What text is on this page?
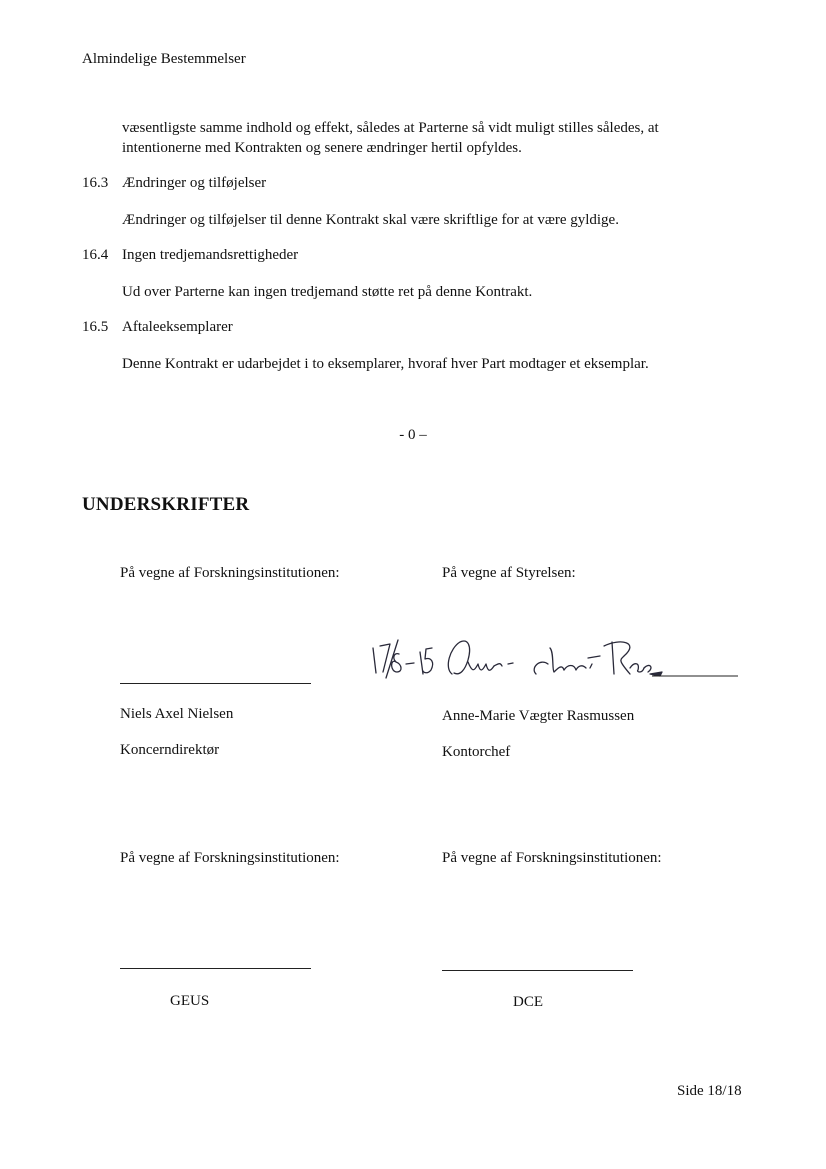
Almindelige Bestemmelser
væsentligste samme indhold og effekt, således at Parterne så vidt muligt stilles således, at
intentionerne med Kontrakten og senere ændringer hertil opfyldes.
16.3 Ændringer og tilføjelser
Ændringer og tilføjelser til denne Kontrakt skal være skriftlige for at være gyldige.
16.4 Ingen tredjemandsrettigheder
Ud over Parterne kan ingen tredjemand støtte ret på denne Kontrakt.
16.5 Aftaleeksemplarer
Denne Kontrakt er udarbejdet i to eksemplarer, hvoraf hver Part modtager et eksemplar.
- 0 –
UNDERSKRIFTER
På vegne af Forskningsinstitutionen:	På vegne af Styrelsen:
Niels Axel Nielsen	Anne-Marie Vægter Rasmussen
Koncerndirektør	Kontorchef
På vegne af Forskningsinstitutionen:	På vegne af Forskningsinstitutionen:
GEUS	DCE
Side 18/18
